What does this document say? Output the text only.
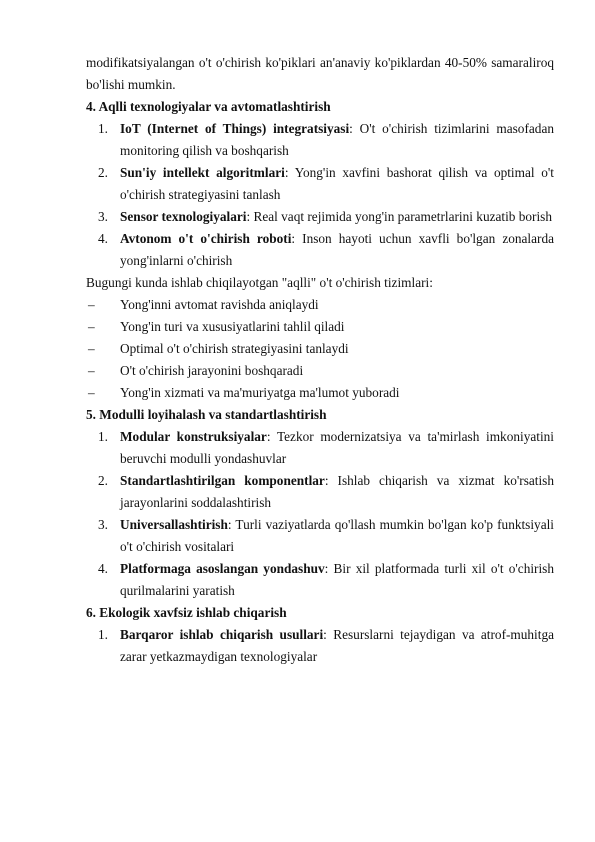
modifikatsiyalangan o't o'chirish ko'piklari an'anaviy ko'piklardan 40-50% samaraliroq bo'lishi mumkin.
4. Aqlli texnologiyalar va avtomatlashtirish
1. IoT (Internet of Things) integratsiyasi: O't o'chirish tizimlarini masofadan monitoring qilish va boshqarish
2. Sun'iy intellekt algoritmlari: Yong'in xavfini bashorat qilish va optimal o't o'chirish strategiyasini tanlash
3. Sensor texnologiyalari: Real vaqt rejimida yong'in parametrlarini kuzatib borish
4. Avtonom o't o'chirish roboti: Inson hayoti uchun xavfli bo'lgan zonalarda yong'inlarni o'chirish
Bugungi kunda ishlab chiqilayotgan "aqlli" o't o'chirish tizimlari:
– Yong'inni avtomat ravishda aniqlaydi
– Yong'in turi va xususiyatlarini tahlil qiladi
– Optimal o't o'chirish strategiyasini tanlaydi
– O't o'chirish jarayonini boshqaradi
– Yong'in xizmati va ma'muriyatga ma'lumot yuboradi
5. Modulli loyihalash va standartlashtirish
1. Modular konstruksiyalar: Tezkor modernizatsiya va ta'mirlash imkoniyatini beruvchi modulli yondashuvlar
2. Standartlashtirilgan komponentlar: Ishlab chiqarish va xizmat ko'rsatish jarayonlarini soddalashtirish
3. Universallashtirish: Turli vaziyatlarda qo'llash mumkin bo'lgan ko'p funktsiyali o't o'chirish vositalari
4. Platformaga asoslangan yondashuv: Bir xil platformada turli xil o't o'chirish qurilmalarini yaratish
6. Ekologik xavfsiz ishlab chiqarish
1. Barqaror ishlab chiqarish usullari: Resurslarni tejaydigan va atrof-muhitga zarar yetkazmaydigan texnologiyalar
